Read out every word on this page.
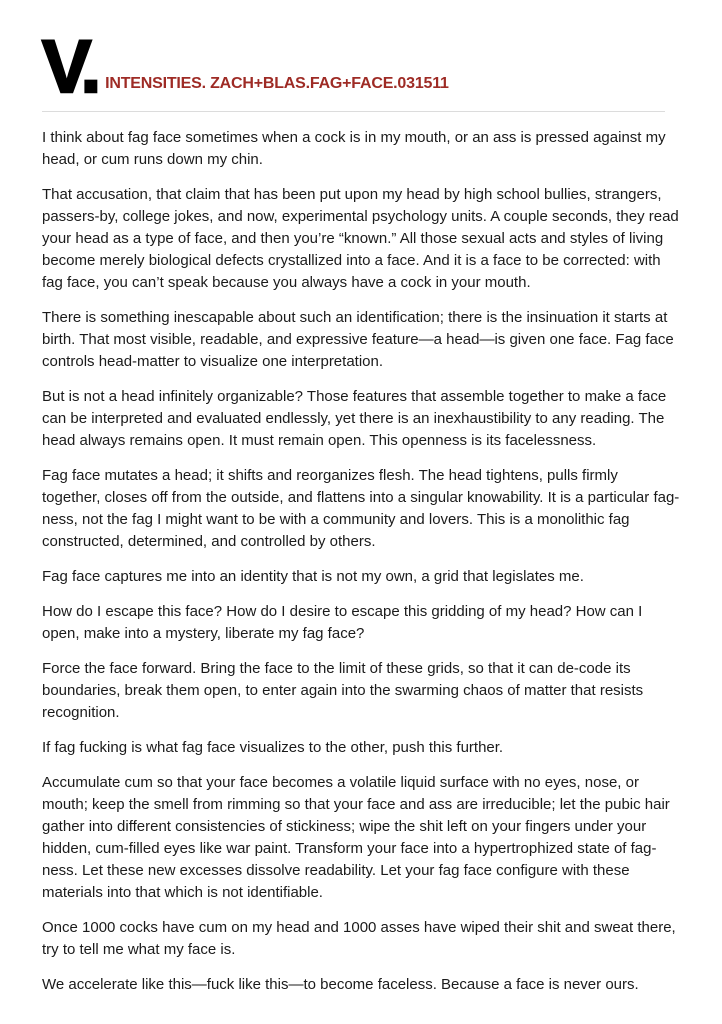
V. INTENSITIES. ZACH+BLAS.FAG+FACE.031511

I think about fag face sometimes when a cock is in my mouth, or an ass is pressed against my head, or cum runs down my chin.

That accusation, that claim that has been put upon my head by high school bullies, strangers, passers-by, college jokes, and now, experimental psychology units. A couple seconds, they read your head as a type of face, and then you’re “known.” All those sexual acts and styles of living become merely biological defects crystallized into a face. And it is a face to be corrected: with fag face, you can’t speak because you always have a cock in your mouth.

There is something inescapable about such an identification; there is the insinuation it starts at birth. That most visible, readable, and expressive feature—a head—is given one face. Fag face controls head-matter to visualize one interpretation.

But is not a head infinitely organizable? Those features that assemble together to make a face can be interpreted and evaluated endlessly, yet there is an inexhaustibility to any reading. The head always remains open. It must remain open. This openness is its facelessness.

Fag face mutates a head; it shifts and reorganizes flesh. The head tightens, pulls firmly together, closes off from the outside, and flattens into a singular knowability. It is a particular fag-ness, not the fag I might want to be with a community and lovers. This is a monolithic fag constructed, determined, and controlled by others.

Fag face captures me into an identity that is not my own, a grid that legislates me.

How do I escape this face? How do I desire to escape this gridding of my head? How can I open, make into a mystery, liberate my fag face?

Force the face forward. Bring the face to the limit of these grids, so that it can de-code its boundaries, break them open, to enter again into the swarming chaos of matter that resists recognition.

If fag fucking is what fag face visualizes to the other, push this further.

Accumulate cum so that your face becomes a volatile liquid surface with no eyes, nose, or mouth; keep the smell from rimming so that your face and ass are irreducible; let the pubic hair gather into different consistencies of stickiness; wipe the shit left on your fingers under your hidden, cum-filled eyes like war paint. Transform your face into a hypertrophized state of fag-ness. Let these new excesses dissolve readability. Let your fag face configure with these materials into that which is not identifiable.

Once 1000 cocks have cum on my head and 1000 asses have wiped their shit and sweat there, try to tell me what my face is.

We accelerate like this—fuck like this—to become faceless. Because a face is never ours.
